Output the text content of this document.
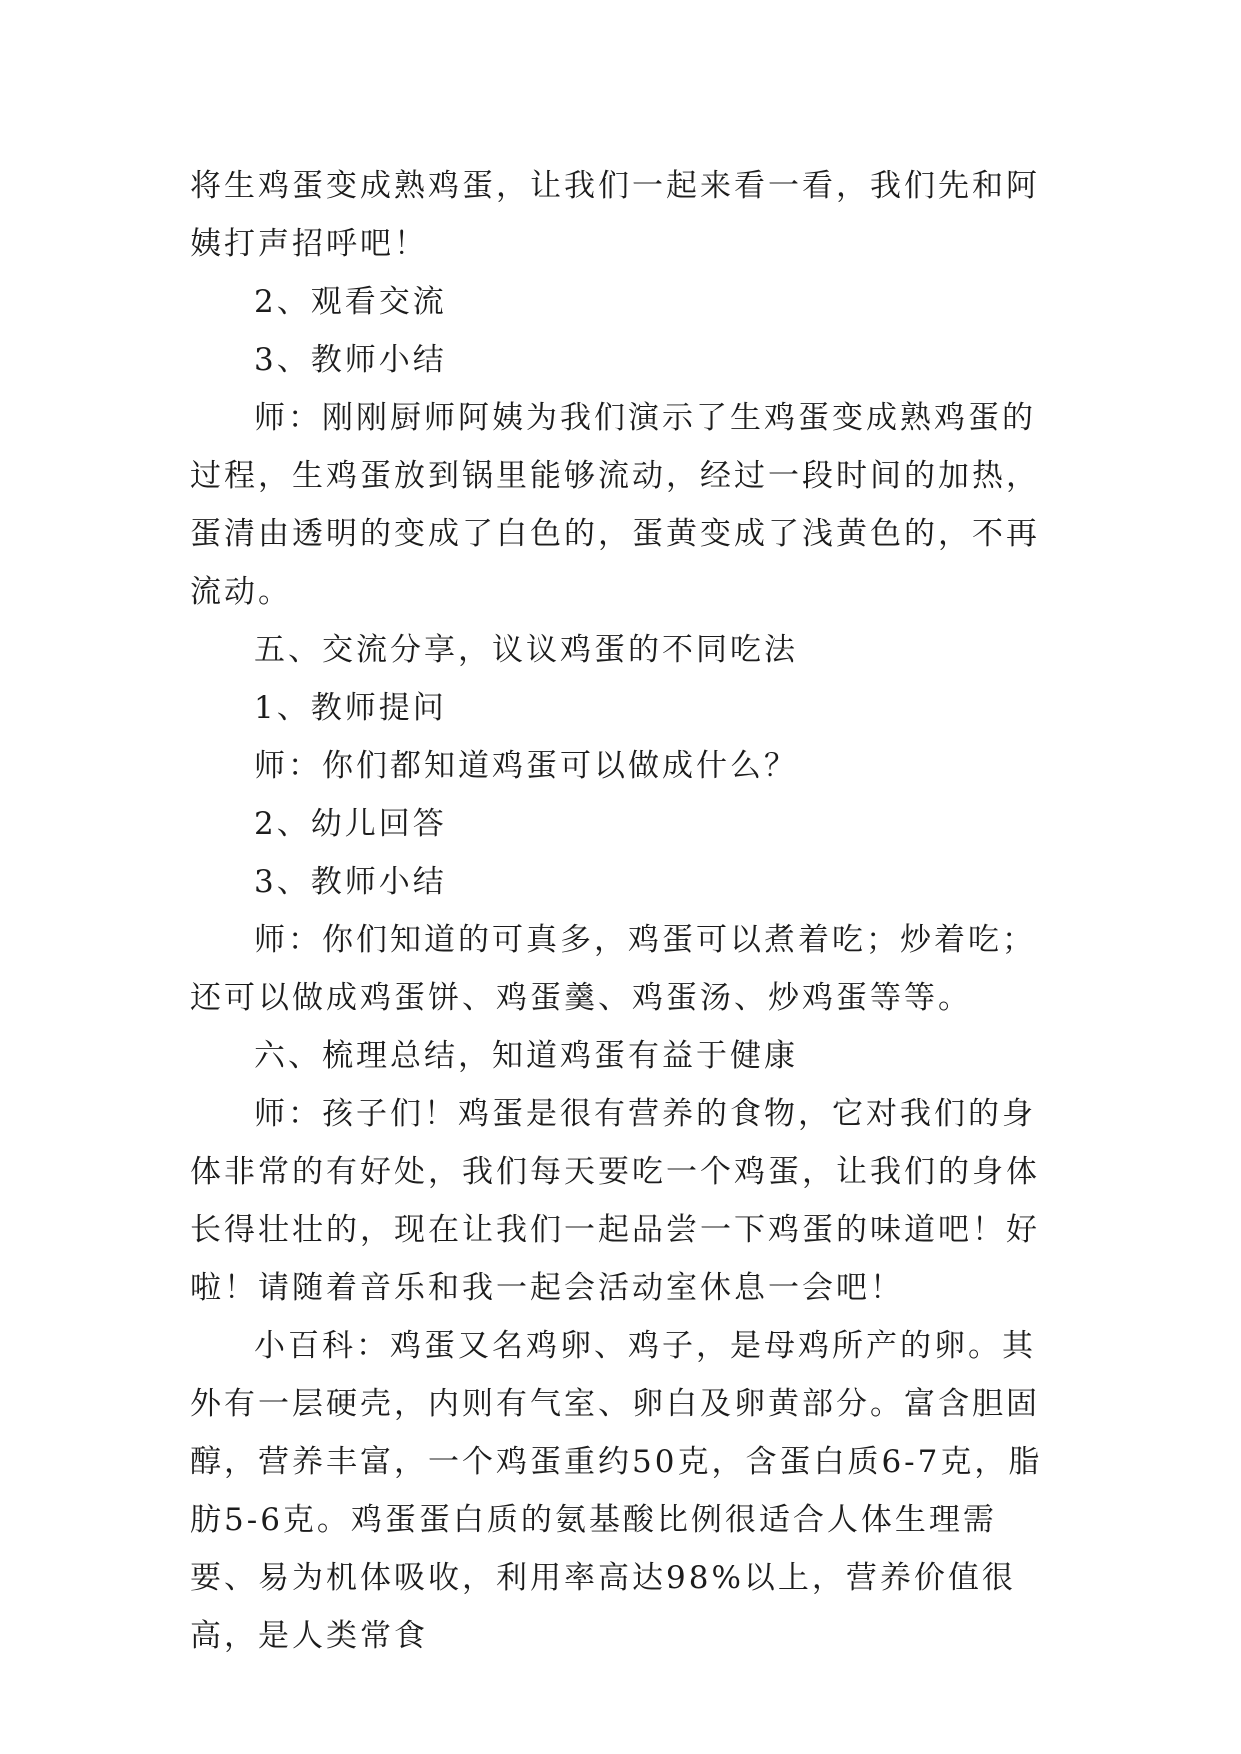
将生鸡蛋变成熟鸡蛋，让我们一起来看一看，我们先和阿姨打声招呼吧！

2、观看交流

3、教师小结

师：刚刚厨师阿姨为我们演示了生鸡蛋变成熟鸡蛋的过程，生鸡蛋放到锅里能够流动，经过一段时间的加热，蛋清由透明的变成了白色的，蛋黄变成了浅黄色的，不再流动。

五、交流分享，议议鸡蛋的不同吃法

1、教师提问

师：你们都知道鸡蛋可以做成什么？

2、幼儿回答

3、教师小结

师：你们知道的可真多，鸡蛋可以煮着吃；炒着吃；还可以做成鸡蛋饼、鸡蛋羹、鸡蛋汤、炒鸡蛋等等。

六、梳理总结，知道鸡蛋有益于健康

师：孩子们！鸡蛋是很有营养的食物，它对我们的身体非常的有好处，我们每天要吃一个鸡蛋，让我们的身体长得壮壮的，现在让我们一起品尝一下鸡蛋的味道吧！好啦！请随着音乐和我一起会活动室休息一会吧！

小百科：鸡蛋又名鸡卵、鸡子，是母鸡所产的卵。其外有一层硬壳，内则有气室、卵白及卵黄部分。富含胆固醇，营养丰富，一个鸡蛋重约50克，含蛋白质6-7克，脂肪5-6克。鸡蛋蛋白质的氨基酸比例很适合人体生理需要、易为机体吸收，利用率高达98%以上，营养价值很高，是人类常食
